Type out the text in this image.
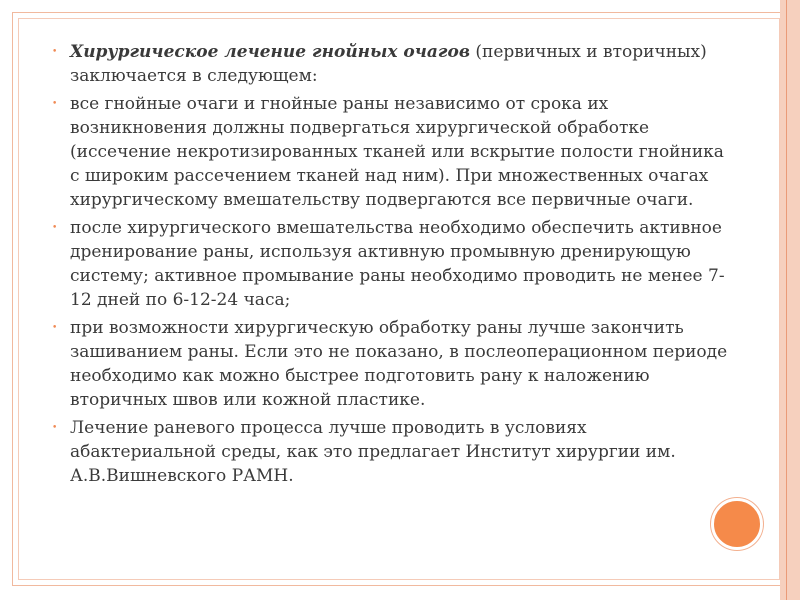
• Хирургическое лечение гнойных очагов (первичных и вторичных) заключается в следующем:
• все гнойные очаги и гнойные раны независимо от срока их возникновения должны подвергаться хирургической обработке (иссечение некротизированных тканей или вскрытие полости гнойника с широким рассечением тканей над ним). При множественных очагах хирургическому вмешательству подвергаются все первичные очаги.
• после хирургического вмешательства необходимо обеспечить активное дренирование раны, используя активную промывную дренирующую систему; активное промывание раны необходимо проводить не менее 7-12 дней по 6-12-24 часа;
• при возможности хирургическую обработку раны лучше закончить зашиванием раны. Если это не показано, в послеоперационном периоде необходимо как можно быстрее подготовить рану к наложению вторичных швов или кожной пластике.
• Лечение раневого процесса лучше проводить в условиях абактериальной среды, как это предлагает Институт хирургии им. А.В.Вишневского РАМН.
